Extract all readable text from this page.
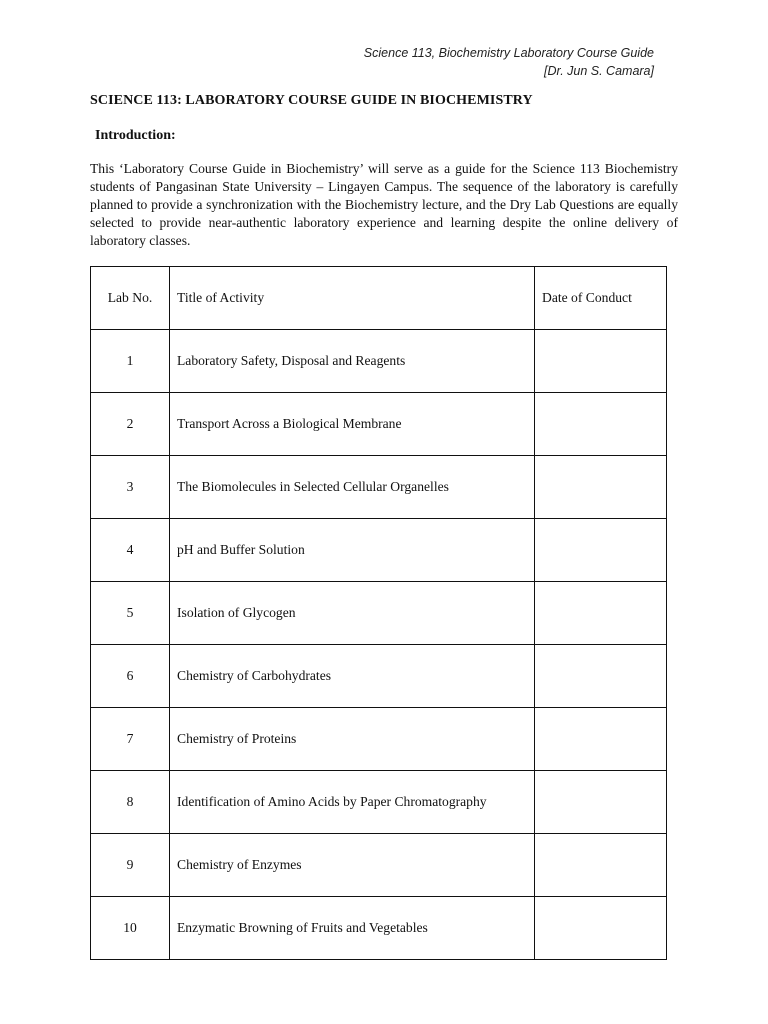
Science 113, Biochemistry Laboratory Course Guide
[Dr. Jun S. Camara]
SCIENCE 113: LABORATORY COURSE GUIDE IN BIOCHEMISTRY
Introduction:

This ‘Laboratory Course Guide in Biochemistry’ will serve as a guide for the Science 113 Biochemistry students of Pangasinan State University – Lingayen Campus. The sequence of the laboratory is carefully planned to provide a synchronization with the Biochemistry lecture, and the Dry Lab Questions are equally selected to provide near-authentic laboratory experience and learning despite the online delivery of laboratory classes.

Lab No.	Title of Activity	Date of Conduct
1	Laboratory Safety, Disposal and Reagents	
2	Transport Across a Biological Membrane	
3	The Biomolecules in Selected Cellular Organelles	
4	pH and Buffer Solution	
5	Isolation of Glycogen	
6	Chemistry of Carbohydrates	
7	Chemistry of Proteins	
8	Identification of Amino Acids by Paper Chromatography	
9	Chemistry of Enzymes	
10	Enzymatic Browning of Fruits and Vegetables	
